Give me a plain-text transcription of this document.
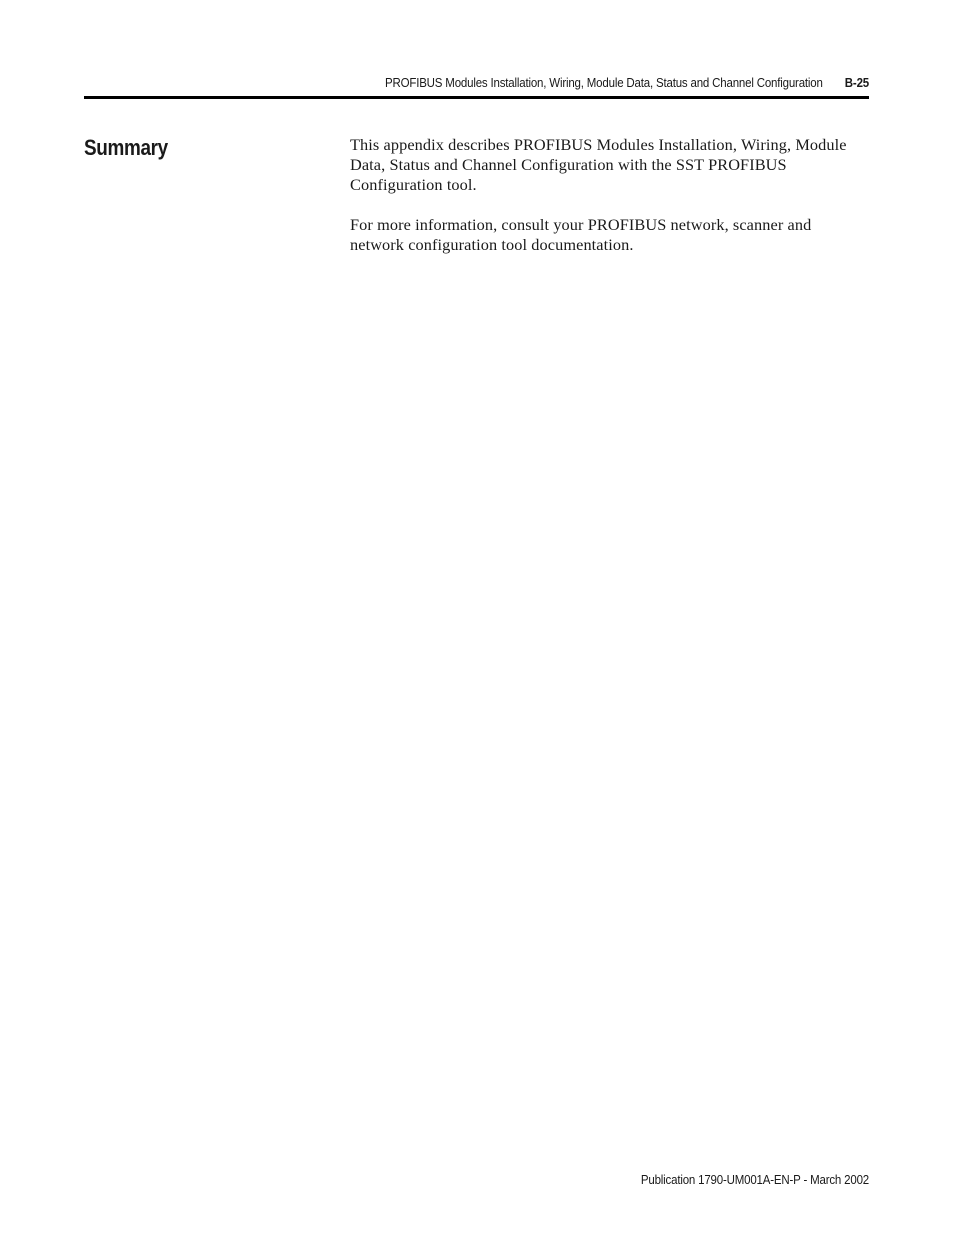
PROFIBUS Modules Installation, Wiring, Module Data, Status and Channel Configuration B-25
Summary	This appendix describes PROFIBUS Modules Installation, Wiring, Module Data, Status and Channel Configuration with the SST PROFIBUS Configuration tool.

For more information, consult your PROFIBUS network, scanner and network configuration tool documentation.

Publication 1790-UM001A-EN-P - March 2002
